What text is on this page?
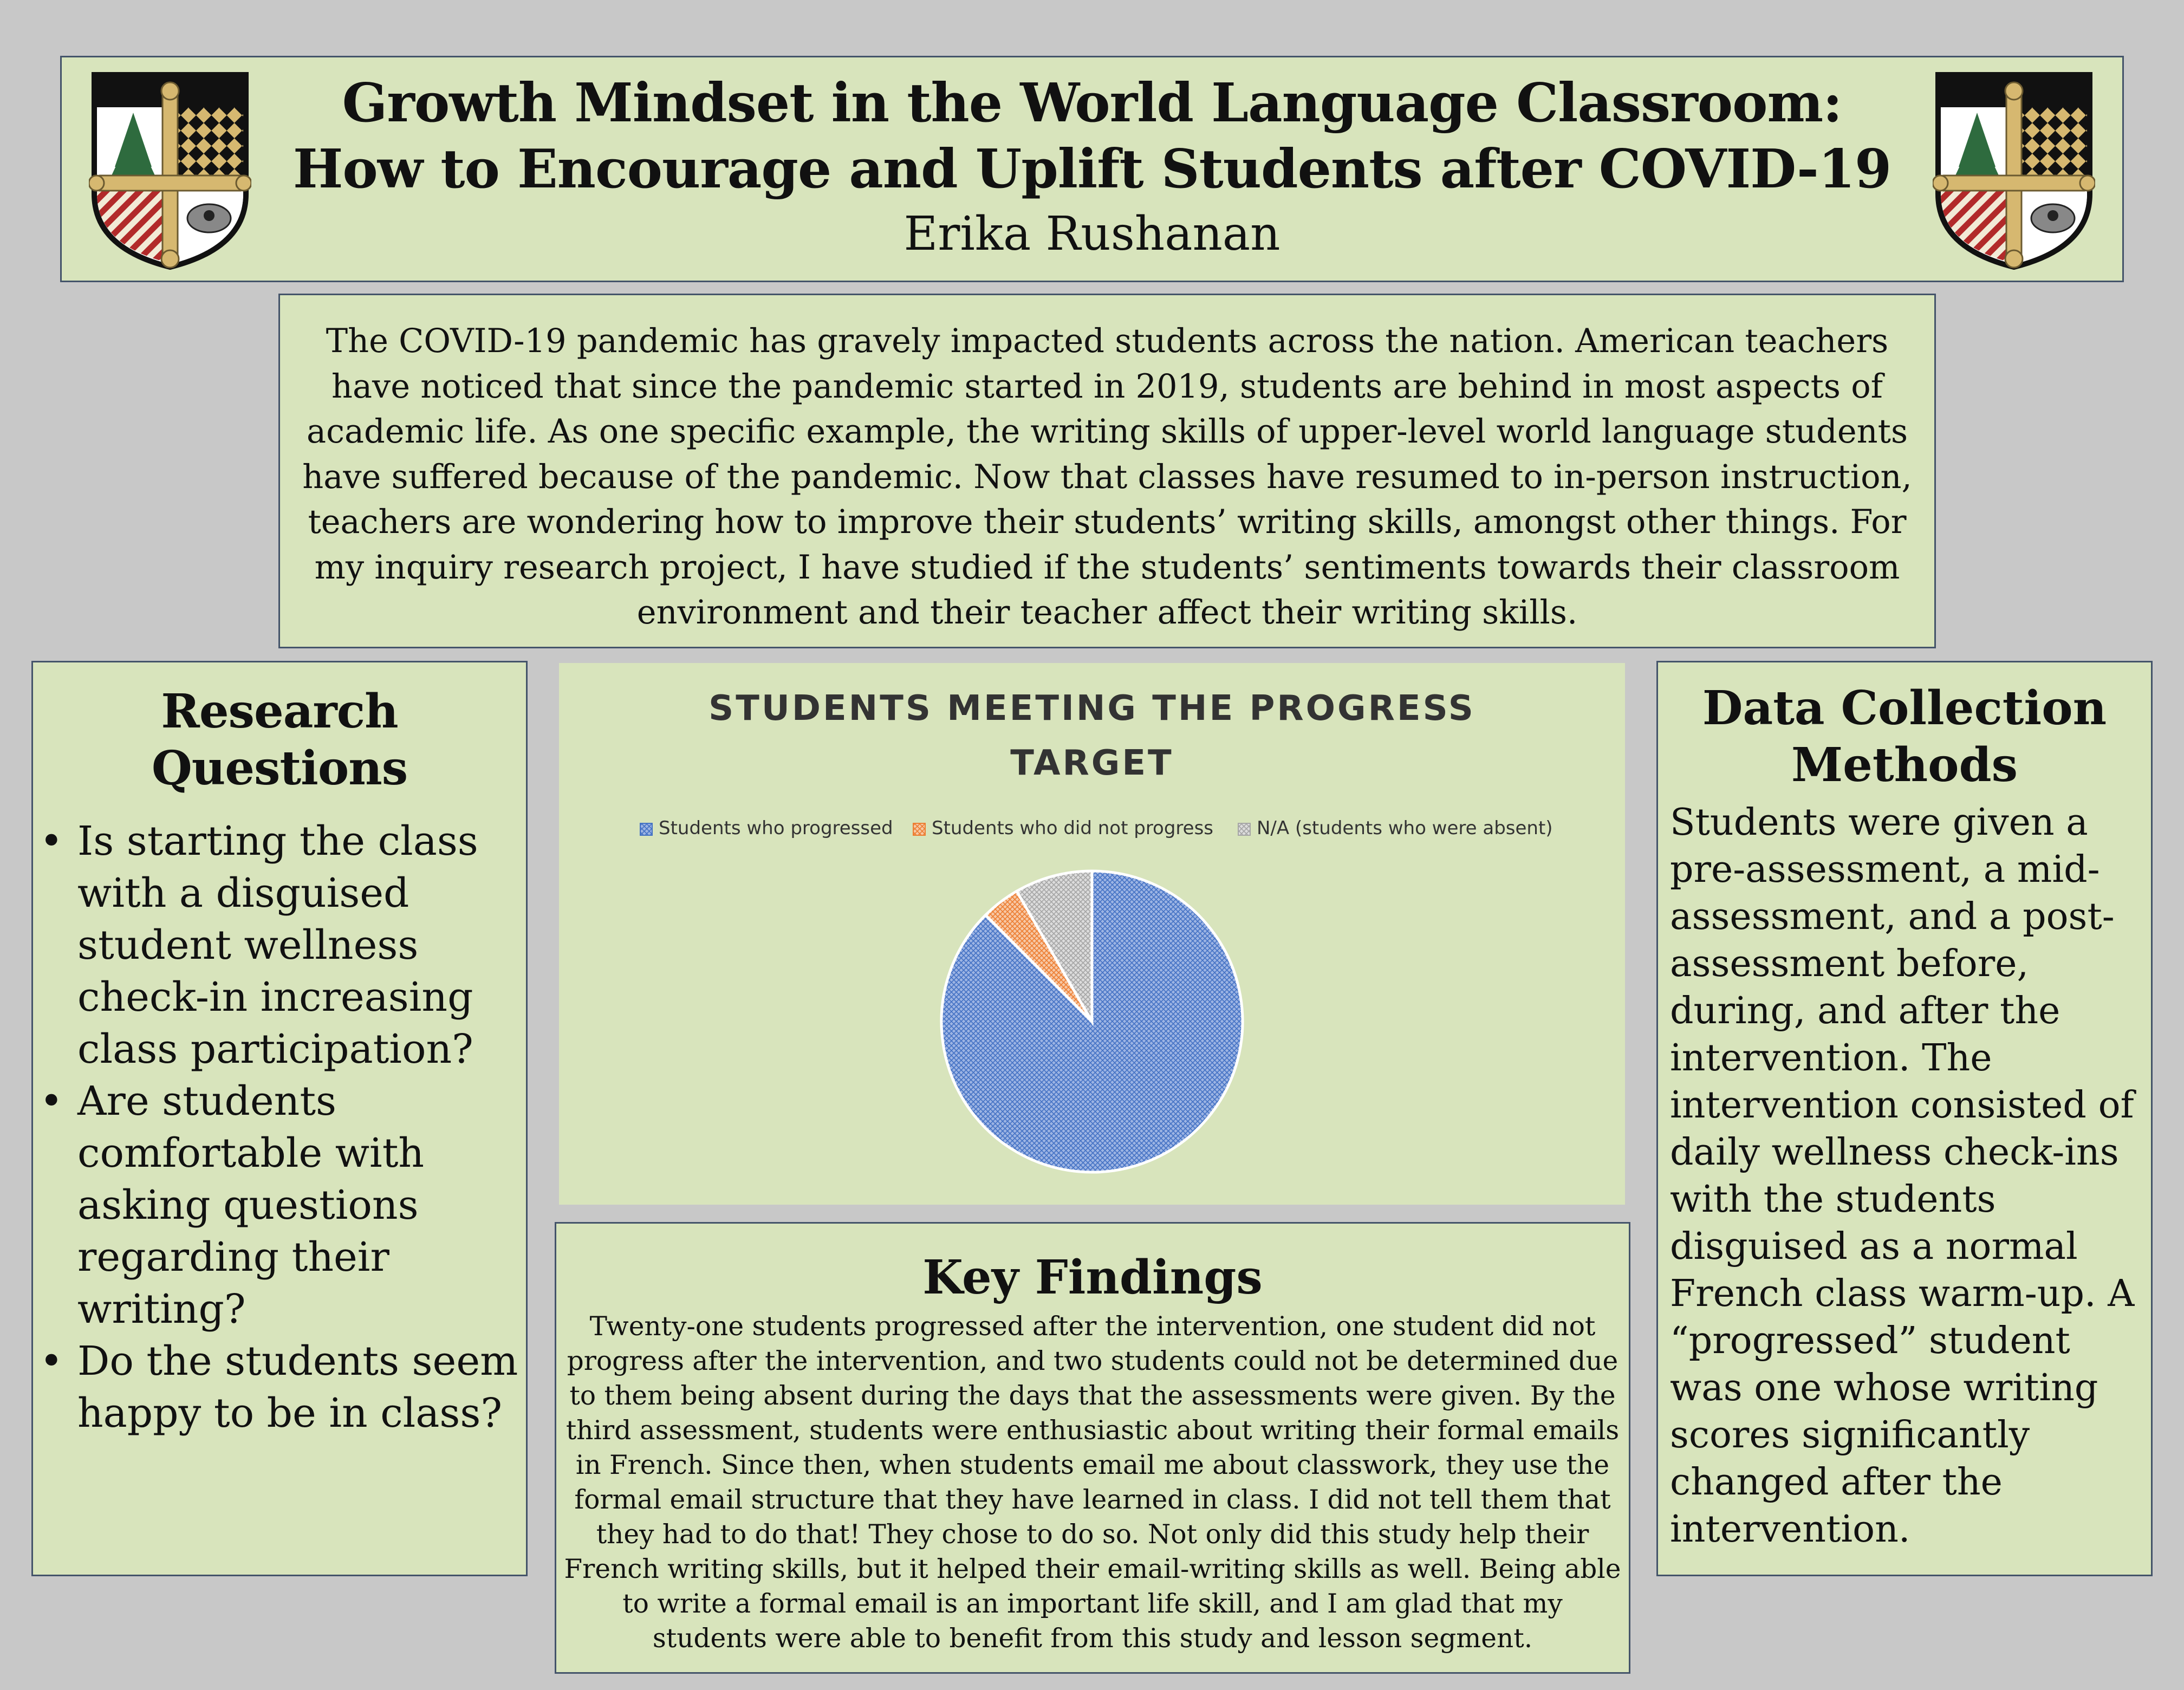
Growth Mindset in the World Language Classroom: How to Encourage and Uplift Students after COVID-19
Erika Rushanan

The COVID-19 pandemic has gravely impacted students across the nation. American teachers have noticed that since the pandemic started in 2019, students are behind in most aspects of academic life. As one specific example, the writing skills of upper-level world language students have suffered because of the pandemic. Now that classes have resumed to in-person instruction, teachers are wondering how to improve their students’ writing skills, amongst other things. For my inquiry research project, I have studied if the students’ sentiments towards their classroom environment and their teacher affect their writing skills.

Research Questions
• Is starting the class with a disguised student wellness check-in increasing class participation?
• Are students comfortable with asking questions regarding their writing?
• Do the students seem happy to be in class?
STUDENTS MEETING THE PROGRESS
TARGET
Students who progressed Students who did not progress N/A (students who were absent)
Key Findings

Twenty-one students progressed after the intervention, one student did not progress after the intervention, and two students could not be determined due to them being absent during the days that the assessments were given. By the third assessment, students were enthusiastic about writing their formal emails in French. Since then, when students email me about classwork, they use the formal email structure that they have learned in class. I did not tell them that they had to do that! They chose to do so. Not only did this study help their French writing skills, but it helped their email-writing skills as well. Being able to write a formal email is an important life skill, and I am glad that my students were able to benefit from this study and lesson segment.

Data Collection Methods

Students were given a pre-assessment, a mid-assessment, and a post-assessment before, during, and after the intervention. The intervention consisted of daily wellness check-ins with the students disguised as a normal French class warm-up. A “progressed” student was one whose writing scores significantly changed after the intervention.
